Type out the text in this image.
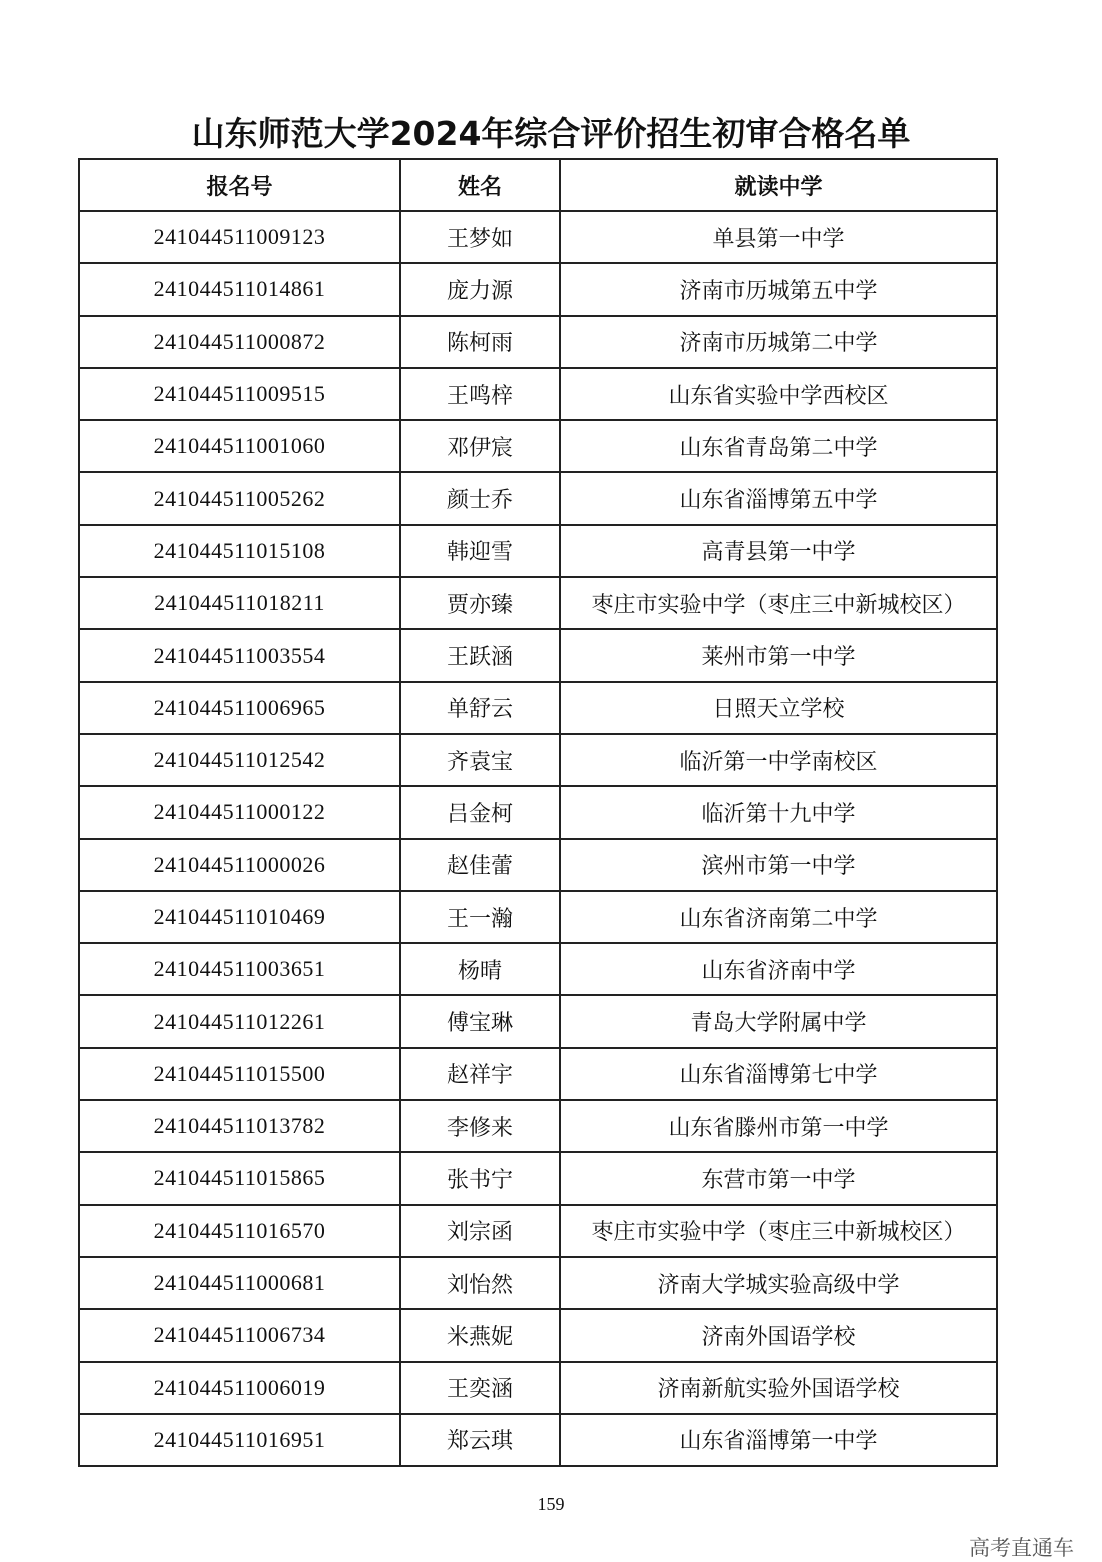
山东师范大学2024年综合评价招生初审合格名单
报名号	姓名	就读中学
241044511009123	王梦如	单县第一中学
241044511014861	庞力源	济南市历城第五中学
241044511000872	陈柯雨	济南市历城第二中学
241044511009515	王鸣梓	山东省实验中学西校区
241044511001060	邓伊宸	山东省青岛第二中学
241044511005262	颜士乔	山东省淄博第五中学
241044511015108	韩迎雪	高青县第一中学
241044511018211	贾亦臻	枣庄市实验中学（枣庄三中新城校区）
241044511003554	王跃涵	莱州市第一中学
241044511006965	单舒云	日照天立学校
241044511012542	齐袁宝	临沂第一中学南校区
241044511000122	吕金柯	临沂第十九中学
241044511000026	赵佳蕾	滨州市第一中学
241044511010469	王一瀚	山东省济南第二中学
241044511003651	杨晴	山东省济南中学
241044511012261	傅宝琳	青岛大学附属中学
241044511015500	赵祥宇	山东省淄博第七中学
241044511013782	李修来	山东省滕州市第一中学
241044511015865	张书宁	东营市第一中学
241044511016570	刘宗函	枣庄市实验中学（枣庄三中新城校区）
241044511000681	刘怡然	济南大学城实验高级中学
241044511006734	米燕妮	济南外国语学校
241044511006019	王奕涵	济南新航实验外国语学校
241044511016951	郑云琪	山东省淄博第一中学
159
高考直通车
